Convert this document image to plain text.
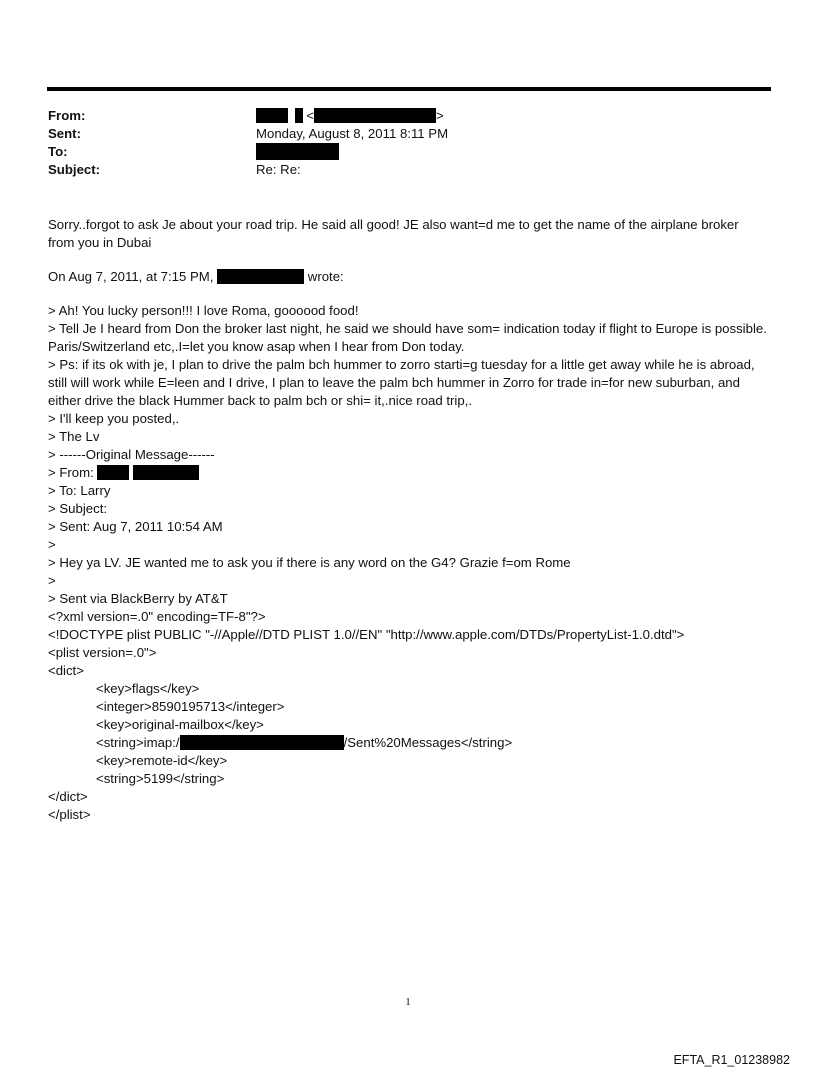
From:	<	>
Sent:	Monday, August 8, 2011 8:11 PM
To:
Subject:	Re: Re:
Sorry..forgot to ask Je about your road trip. He said all good! JE also want=d me to get the name of the airplane broker from you in Dubai
On Aug 7, 2011, at 7:15 PM,	wrote:
> Ah! You lucky person!!! I love Roma, goooood food!
> Tell Je I heard from Don the broker last night, he said we should have som= indication today if flight to Europe is possible. Paris/Switzerland etc,.I=let you know asap when I hear from Don today.
> Ps: if its ok with je, I plan to drive the palm bch hummer to zorro starti=g tuesday for a little get away while he is abroad, still will work while E=leen and I drive, I plan to leave the palm bch hummer in Zorro for trade in=for new suburban, and either drive the black Hummer back to palm bch or shi= it,.nice road trip,.
> I'll keep you posted,.
> The Lv
> ------Original Message------
> From:
> To: Larry
> Subject:
> Sent: Aug 7, 2011 10:54 AM
>
> Hey ya LV. JE wanted me to ask you if there is any word on the G4? Grazie f=om Rome
>
> Sent via BlackBerry by AT&T
<?xml version=.0" encoding=TF-8"?>
<!DOCTYPE plist PUBLIC "-//Apple//DTD PLIST 1.0//EN" "http://www.apple.com/DTDs/PropertyList-1.0.dtd">
<plist version=.0">
<dict>
<key>flags</key>
<integer>8590195713</integer>
<key>original-mailbox</key>
<string>imap:/	/Sent%20Messages</string>
<key>remote-id</key>
<string>5199</string>
</dict>
</plist>
1
EFTA_R1_01238982
